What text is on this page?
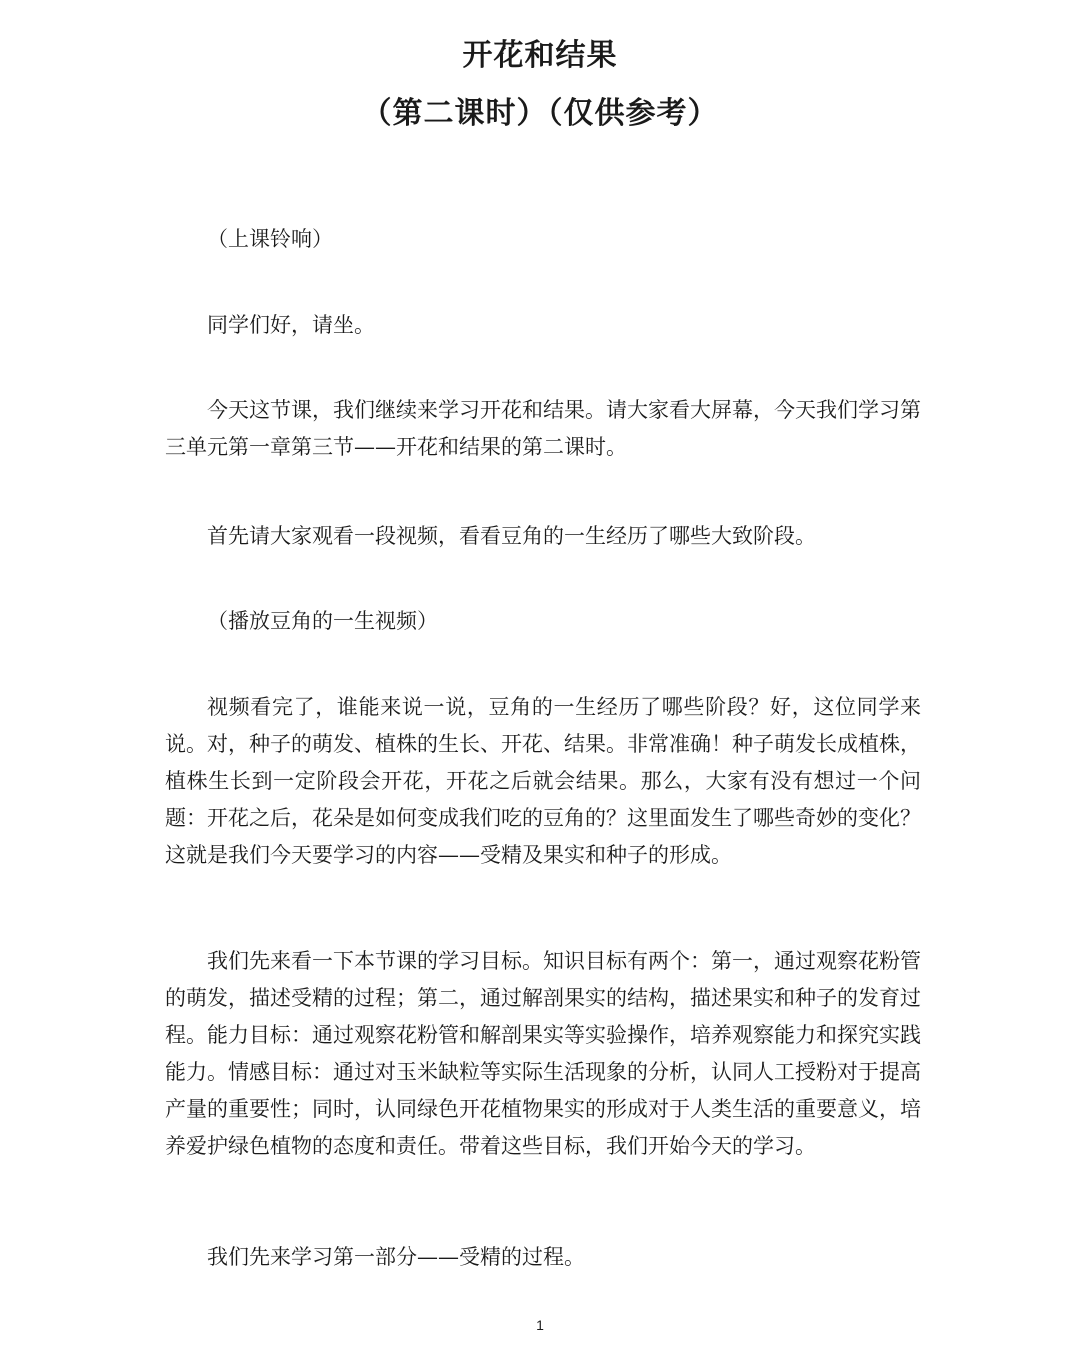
开花和结果
（第二课时）（仅供参考）

（上课铃响）

同学们好，请坐。

今天这节课，我们继续来学习开花和结果。请大家看大屏幕，今天我们学习第三单元第一章第三节——开花和结果的第二课时。

首先请大家观看一段视频，看看豆角的一生经历了哪些大致阶段。

（播放豆角的一生视频）

视频看完了，谁能来说一说，豆角的一生经历了哪些阶段？好，这位同学来说。对，种子的萌发、植株的生长、开花、结果。非常准确！种子萌发长成植株，植株生长到一定阶段会开花，开花之后就会结果。那么，大家有没有想过一个问题：开花之后，花朵是如何变成我们吃的豆角的？这里面发生了哪些奇妙的变化？这就是我们今天要学习的内容——受精及果实和种子的形成。

我们先来看一下本节课的学习目标。知识目标有两个：第一，通过观察花粉管的萌发，描述受精的过程；第二，通过解剖果实的结构，描述果实和种子的发育过程。能力目标：通过观察花粉管和解剖果实等实验操作，培养观察能力和探究实践能力。情感目标：通过对玉米缺粒等实际生活现象的分析，认同人工授粉对于提高产量的重要性；同时，认同绿色开花植物果实的形成对于人类生活的重要意义，培养爱护绿色植物的态度和责任。带着这些目标，我们开始今天的学习。

我们先来学习第一部分——受精的过程。

1
